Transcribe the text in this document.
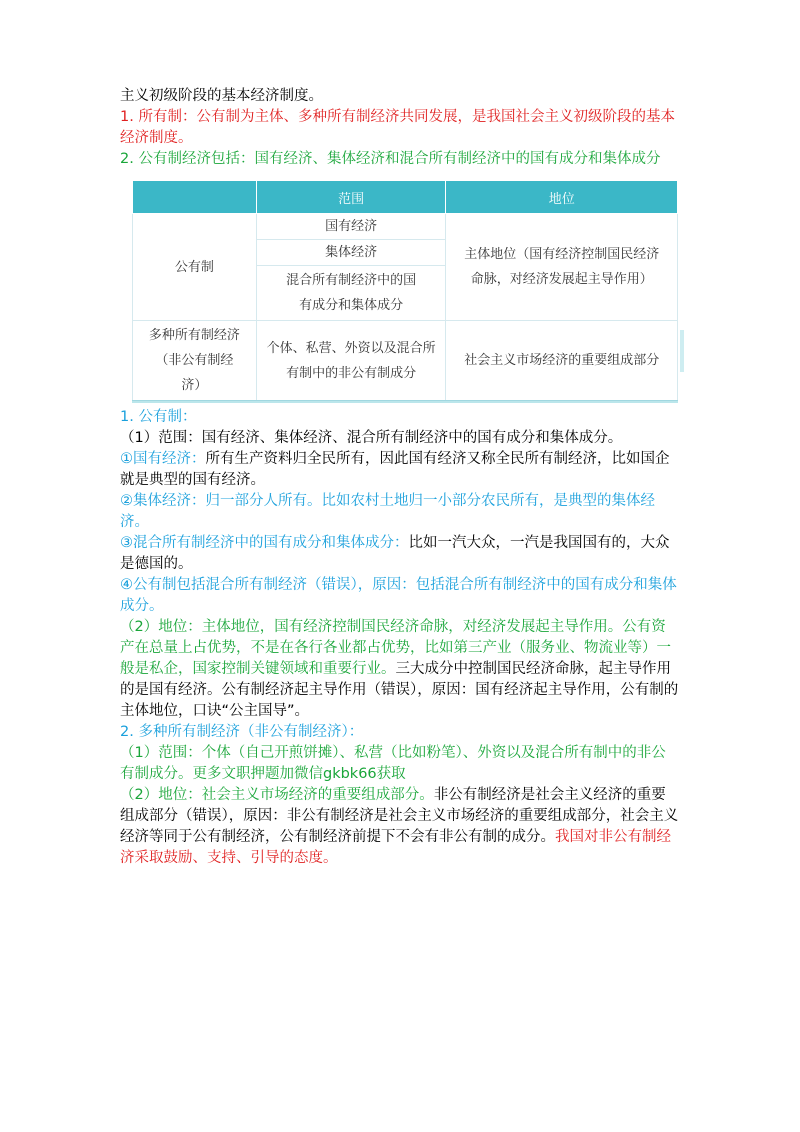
主义初级阶段的基本经济制度。

1. 所有制：公有制为主体、多种所有制经济共同发展，是我国社会主义初级阶段的基本经济制度。

2. 公有制经济包括：国有经济、集体经济和混合所有制经济中的国有成分和集体成分

	范围	地位
公有制	国有经济	主体地位（国有经济控制国民经济命脉，对经济发展起主导作用）
	集体经济	
	混合所有制经济中的国有成分和集体成分	
多种所有制经济（非公有制经济）	个体、私营、外资以及混合所有制中的非公有制成分	社会主义市场经济的重要组成部分

1. 公有制：

（1）范围：国有经济、集体经济、混合所有制经济中的国有成分和集体成分。

①国有经济：所有生产资料归全民所有，因此国有经济又称全民所有制经济，比如国企就是典型的国有经济。

②集体经济：归一部分人所有。比如农村土地归一小部分农民所有，是典型的集体经济。

③混合所有制经济中的国有成分和集体成分：比如一汽大众，一汽是我国国有的，大众是德国的。

④公有制包括混合所有制经济（错误），原因：包括混合所有制经济中的国有成分和集体成分。

（2）地位：主体地位，国有经济控制国民经济命脉，对经济发展起主导作用。公有资产在总量上占优势，不是在各行各业都占优势，比如第三产业（服务业、物流业等）一般是私企，国家控制关键领域和重要行业。三大成分中控制国民经济命脉，起主导作用的是国有经济。公有制经济起主导作用（错误），原因：国有经济起主导作用，公有制的主体地位，口诀“公主国导”。

2. 多种所有制经济（非公有制经济）：

（1）范围：个体（自己开煎饼摊）、私营（比如粉笔）、外资以及混合所有制中的非公有制成分。更多文职押题加微信gkbk66获取

（2）地位：社会主义市场经济的重要组成部分。非公有制经济是社会主义经济的重要组成部分（错误），原因：非公有制经济是社会主义市场经济的重要组成部分，社会主义经济等同于公有制经济，公有制经济前提下不会有非公有制的成分。我国对非公有制经济采取鼓励、支持、引导的态度。
